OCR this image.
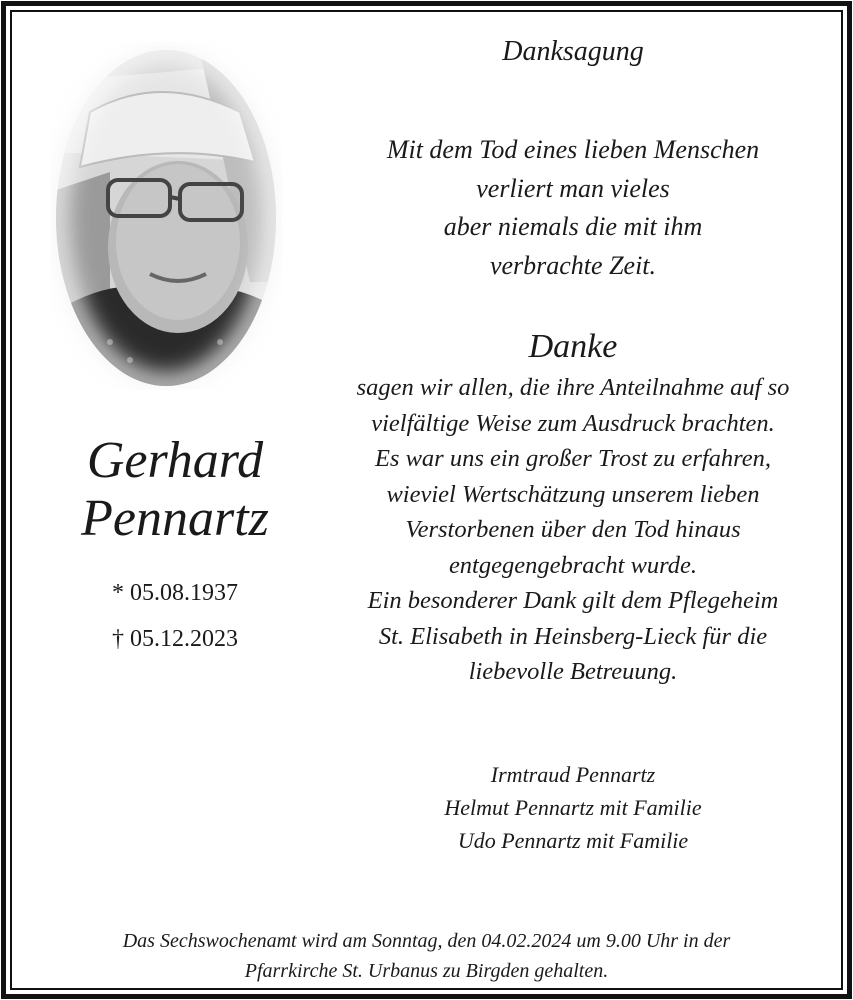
Danksagung
Mit dem Tod eines lieben Menschen
verliert man vieles
aber niemals die mit ihm
verbrachte Zeit.
Danke
sagen wir allen, die ihre Anteilnahme auf so
vielfältige Weise zum Ausdruck brachten.
Es war uns ein großer Trost zu erfahren,
wieviel Wertschätzung unserem lieben
Verstorbenen über den Tod hinaus
entgegengebracht wurde.
Ein besonderer Dank gilt dem Pflegeheim
St. Elisabeth in Heinsberg-Lieck für die
liebevolle Betreuung.
Gerhard
Pennartz
* 05.08.1937
† 05.12.2023
Irmtraud Pennartz
Helmut Pennartz mit Familie
Udo Pennartz mit Familie
Das Sechswochenamt wird am Sonntag, den 04.02.2024 um 9.00 Uhr in der
Pfarrkirche St. Urbanus zu Birgden gehalten.
